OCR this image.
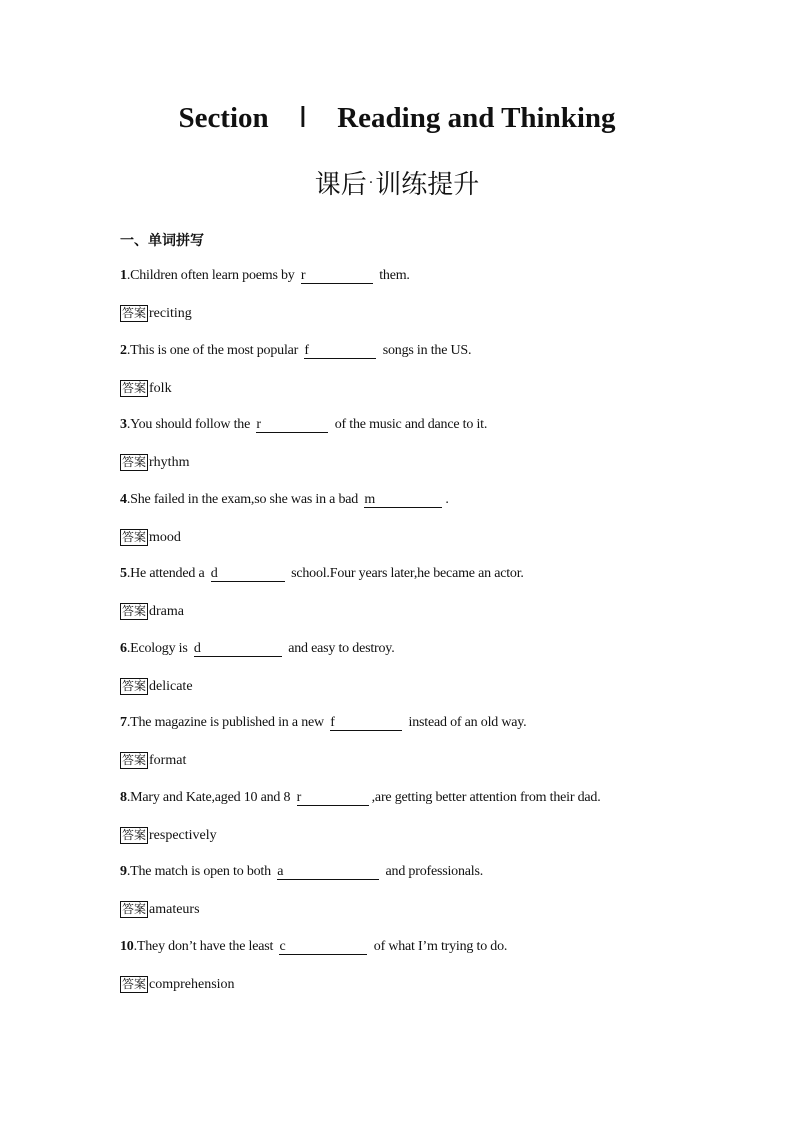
Section Ⅰ Reading and Thinking
课后 ·训练提升
一、单词拼写
1.Children often learn poems by r	them.
答案 reciting
2.This is one of the most popular f	songs in the US.
答案 folk
3.You should follow the r	of the music and dance to it.
答案 rhythm
4.She failed in the exam,so she was in a bad m	.
答案 mood
5.He attended a d	school.Four years later,he became an actor.
答案 drama
6.Ecology is d	and easy to destroy.
答案 delicate
7.The magazine is published in a new f	instead of an old way.
答案 format
8.Mary and Kate,aged 10 and 8 r	,are getting better attention from their dad.
答案 respectively
9.The match is open to both a	and professionals.
答案 amateurs
10.They don’t have the least c	of what I’m trying to do.
答案 comprehension
